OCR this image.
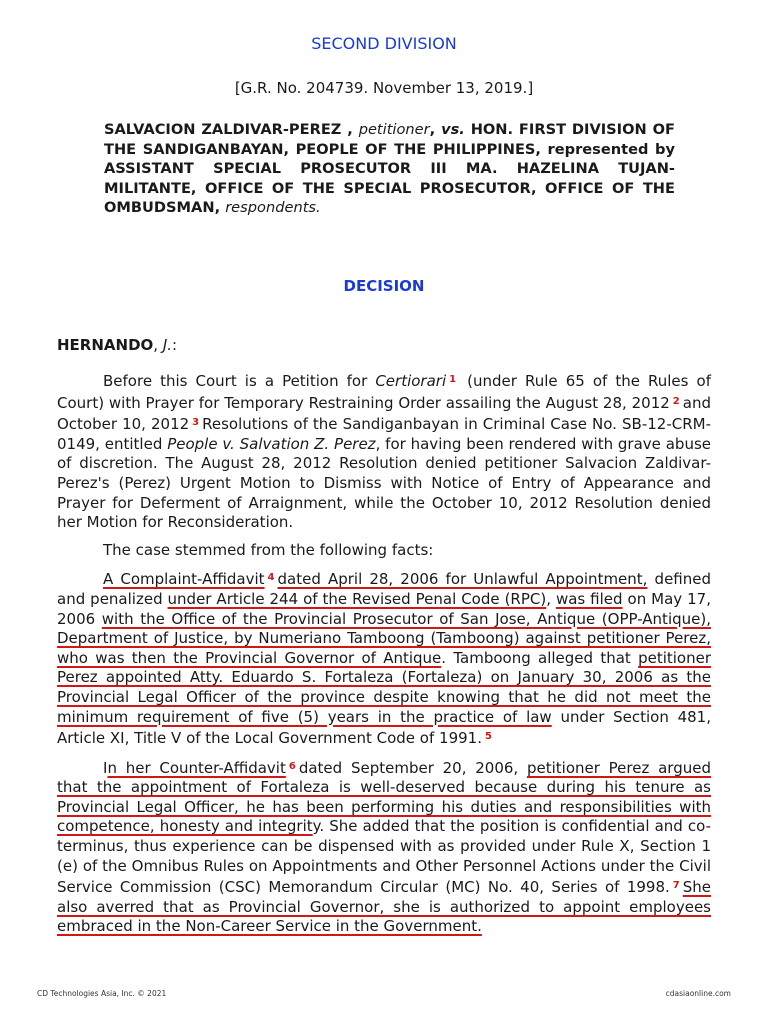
SECOND DIVISION
[G.R. No. 204739. November 13, 2019.]
SALVACION ZALDIVAR-PEREZ , petitioner, vs. HON. FIRST DIVISION OF THE SANDIGANBAYAN, PEOPLE OF THE PHILIPPINES, represented by ASSISTANT SPECIAL PROSECUTOR III MA. HAZELINA TUJAN-MILITANTE, OFFICE OF THE SPECIAL PROSECUTOR, OFFICE OF THE OMBUDSMAN, respondents.
DECISION
HERNANDO, J.:

Before this Court is a Petition for Certiorari $^1$ (under Rule 65 of the Rules of Court) with Prayer for Temporary Restraining Order assailing the August 28, 2012 $^2$ and October 10, 2012 $^3$ Resolutions of the Sandiganbayan in Criminal Case No. SB-12-CRM-0149, entitled People v. Salvation Z. Perez, for having been rendered with grave abuse of discretion. The August 28, 2012 Resolution denied petitioner Salvacion Zaldivar-Perez's (Perez) Urgent Motion to Dismiss with Notice of Entry of Appearance and Prayer for Deferment of Arraignment, while the October 10, 2012 Resolution denied her Motion for Reconsideration.

The case stemmed from the following facts:

A Complaint-Affidavit $^4$ dated April 28, 2006 for Unlawful Appointment, defined and penalized under Article 244 of the Revised Penal Code (RPC), was filed on May 17, 2006 with the Office of the Provincial Prosecutor of San Jose, Antique (OPP-Antique), Department of Justice, by Numeriano Tamboong (Tamboong) against petitioner Perez, who was then the Provincial Governor of Antique. Tamboong alleged that petitioner Perez appointed Atty. Eduardo S. Fortaleza (Fortaleza) on January 30, 2006 as the Provincial Legal Officer of the province despite knowing that he did not meet the minimum requirement of five (5) years in the practice of law under Section 481, Article XI, Title V of the Local Government Code of 1991. $^5$

In her Counter-Affidavit $^6$ dated September 20, 2006, petitioner Perez argued that the appointment of Fortaleza is well-deserved because during his tenure as Provincial Legal Officer, he has been performing his duties and responsibilities with competence, honesty and integrity. She added that the position is confidential and co-terminus, thus experience can be dispensed with as provided under Rule X, Section 1 (e) of the Omnibus Rules on Appointments and Other Personnel Actions under the Civil Service Commission (CSC) Memorandum Circular (MC) No. 40, Series of 1998. $^7$ She also averred that as Provincial Governor, she is authorized to appoint employees embraced in the Non-Career Service in the Government.

CD Technologies Asia, Inc. © 2021	cdasiaonline.com
